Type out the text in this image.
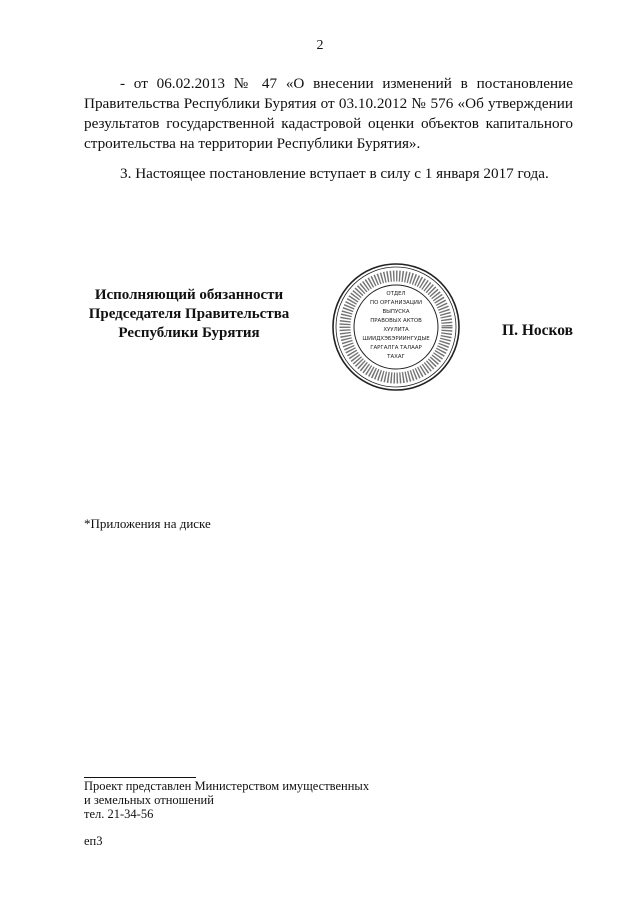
2
- от 06.02.2013 № 47 «О внесении изменений в постановление Правительства Республики Бурятия от 03.10.2012 № 576 «Об утверждении результатов государственной кадастровой оценки объектов капитального строительства на территории Республики Бурятия».
3. Настоящее постановление вступает в силу с 1 января 2017 года.
Исполняющий обязанности
Председателя Правительства
Республики Бурятия
ОТДЕЛ
ПО ОРГАНИЗАЦИИ
ВЫПУСКА
ПРАВОВЫХ АКТОВ
ХУУЛИТА
ШИИДХЭБЭРИИНГУДЫЕ
ГАРГАЛГА ТАЛААР
ТАХАГ
П. Носков
*Приложения на диске
Проект представлен Министерством имущественных
и земельных отношений
тел. 21-34-56
еп3
